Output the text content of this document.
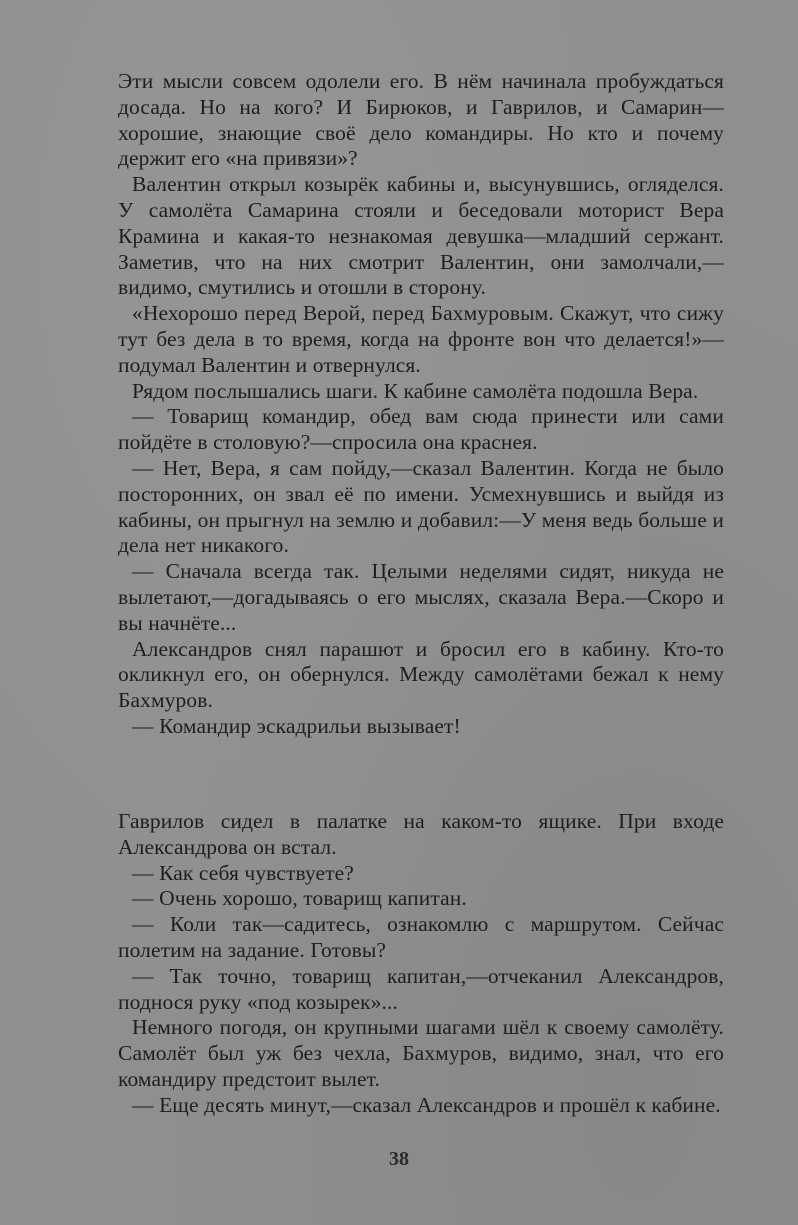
Эти мысли совсем одолели его. В нём начинала пробуждаться досада. Но на кого? И Бирюков, и Гаврилов, и Самарин—хорошие, знающие своё дело командиры. Но кто и почему держит его «на привязи»?

Валентин открыл козырёк кабины и, высунувшись, огляделся. У самолёта Самарина стояли и беседовали моторист Вера Крамина и какая-то незнакомая девушка—младший сержант. Заметив, что на них смотрит Валентин, они замолчали,—видимо, смутились и отошли в сторону.

«Нехорошо перед Верой, перед Бахмуровым. Скажут, что сижу тут без дела в то время, когда на фронте вон что делается!»—подумал Валентин и отвернулся.

Рядом послышались шаги. К кабине самолёта подошла Вера.

— Товарищ командир, обед вам сюда принести или сами пойдёте в столовую?—спросила она краснея.

— Нет, Вера, я сам пойду,—сказал Валентин. Когда не было посторонних, он звал её по имени. Усмехнувшись и выйдя из кабины, он прыгнул на землю и добавил:—У меня ведь больше и дела нет никакого.

— Сначала всегда так. Целыми неделями сидят, никуда не вылетают,—догадываясь о его мыслях, сказала Вера.—Скоро и вы начнёте...

Александров снял парашют и бросил его в кабину. Кто-то окликнул его, он обернулся. Между самолётами бежал к нему Бахмуров.

— Командир эскадрильи вызывает!

Гаврилов сидел в палатке на каком-то ящике. При входе Александрова он встал.

— Как себя чувствуете?

— Очень хорошо, товарищ капитан.

— Коли так—садитесь, ознакомлю с маршрутом. Сейчас полетим на задание. Готовы?

— Так точно, товарищ капитан,—отчеканил Александров, поднося руку «под козырек»...

Немного погодя, он крупными шагами шёл к своему самолёту. Самолёт был уж без чехла, Бахмуров, видимо, знал, что его командиру предстоит вылет.

— Еще десять минут,—сказал Александров и прошёл к кабине.

38
